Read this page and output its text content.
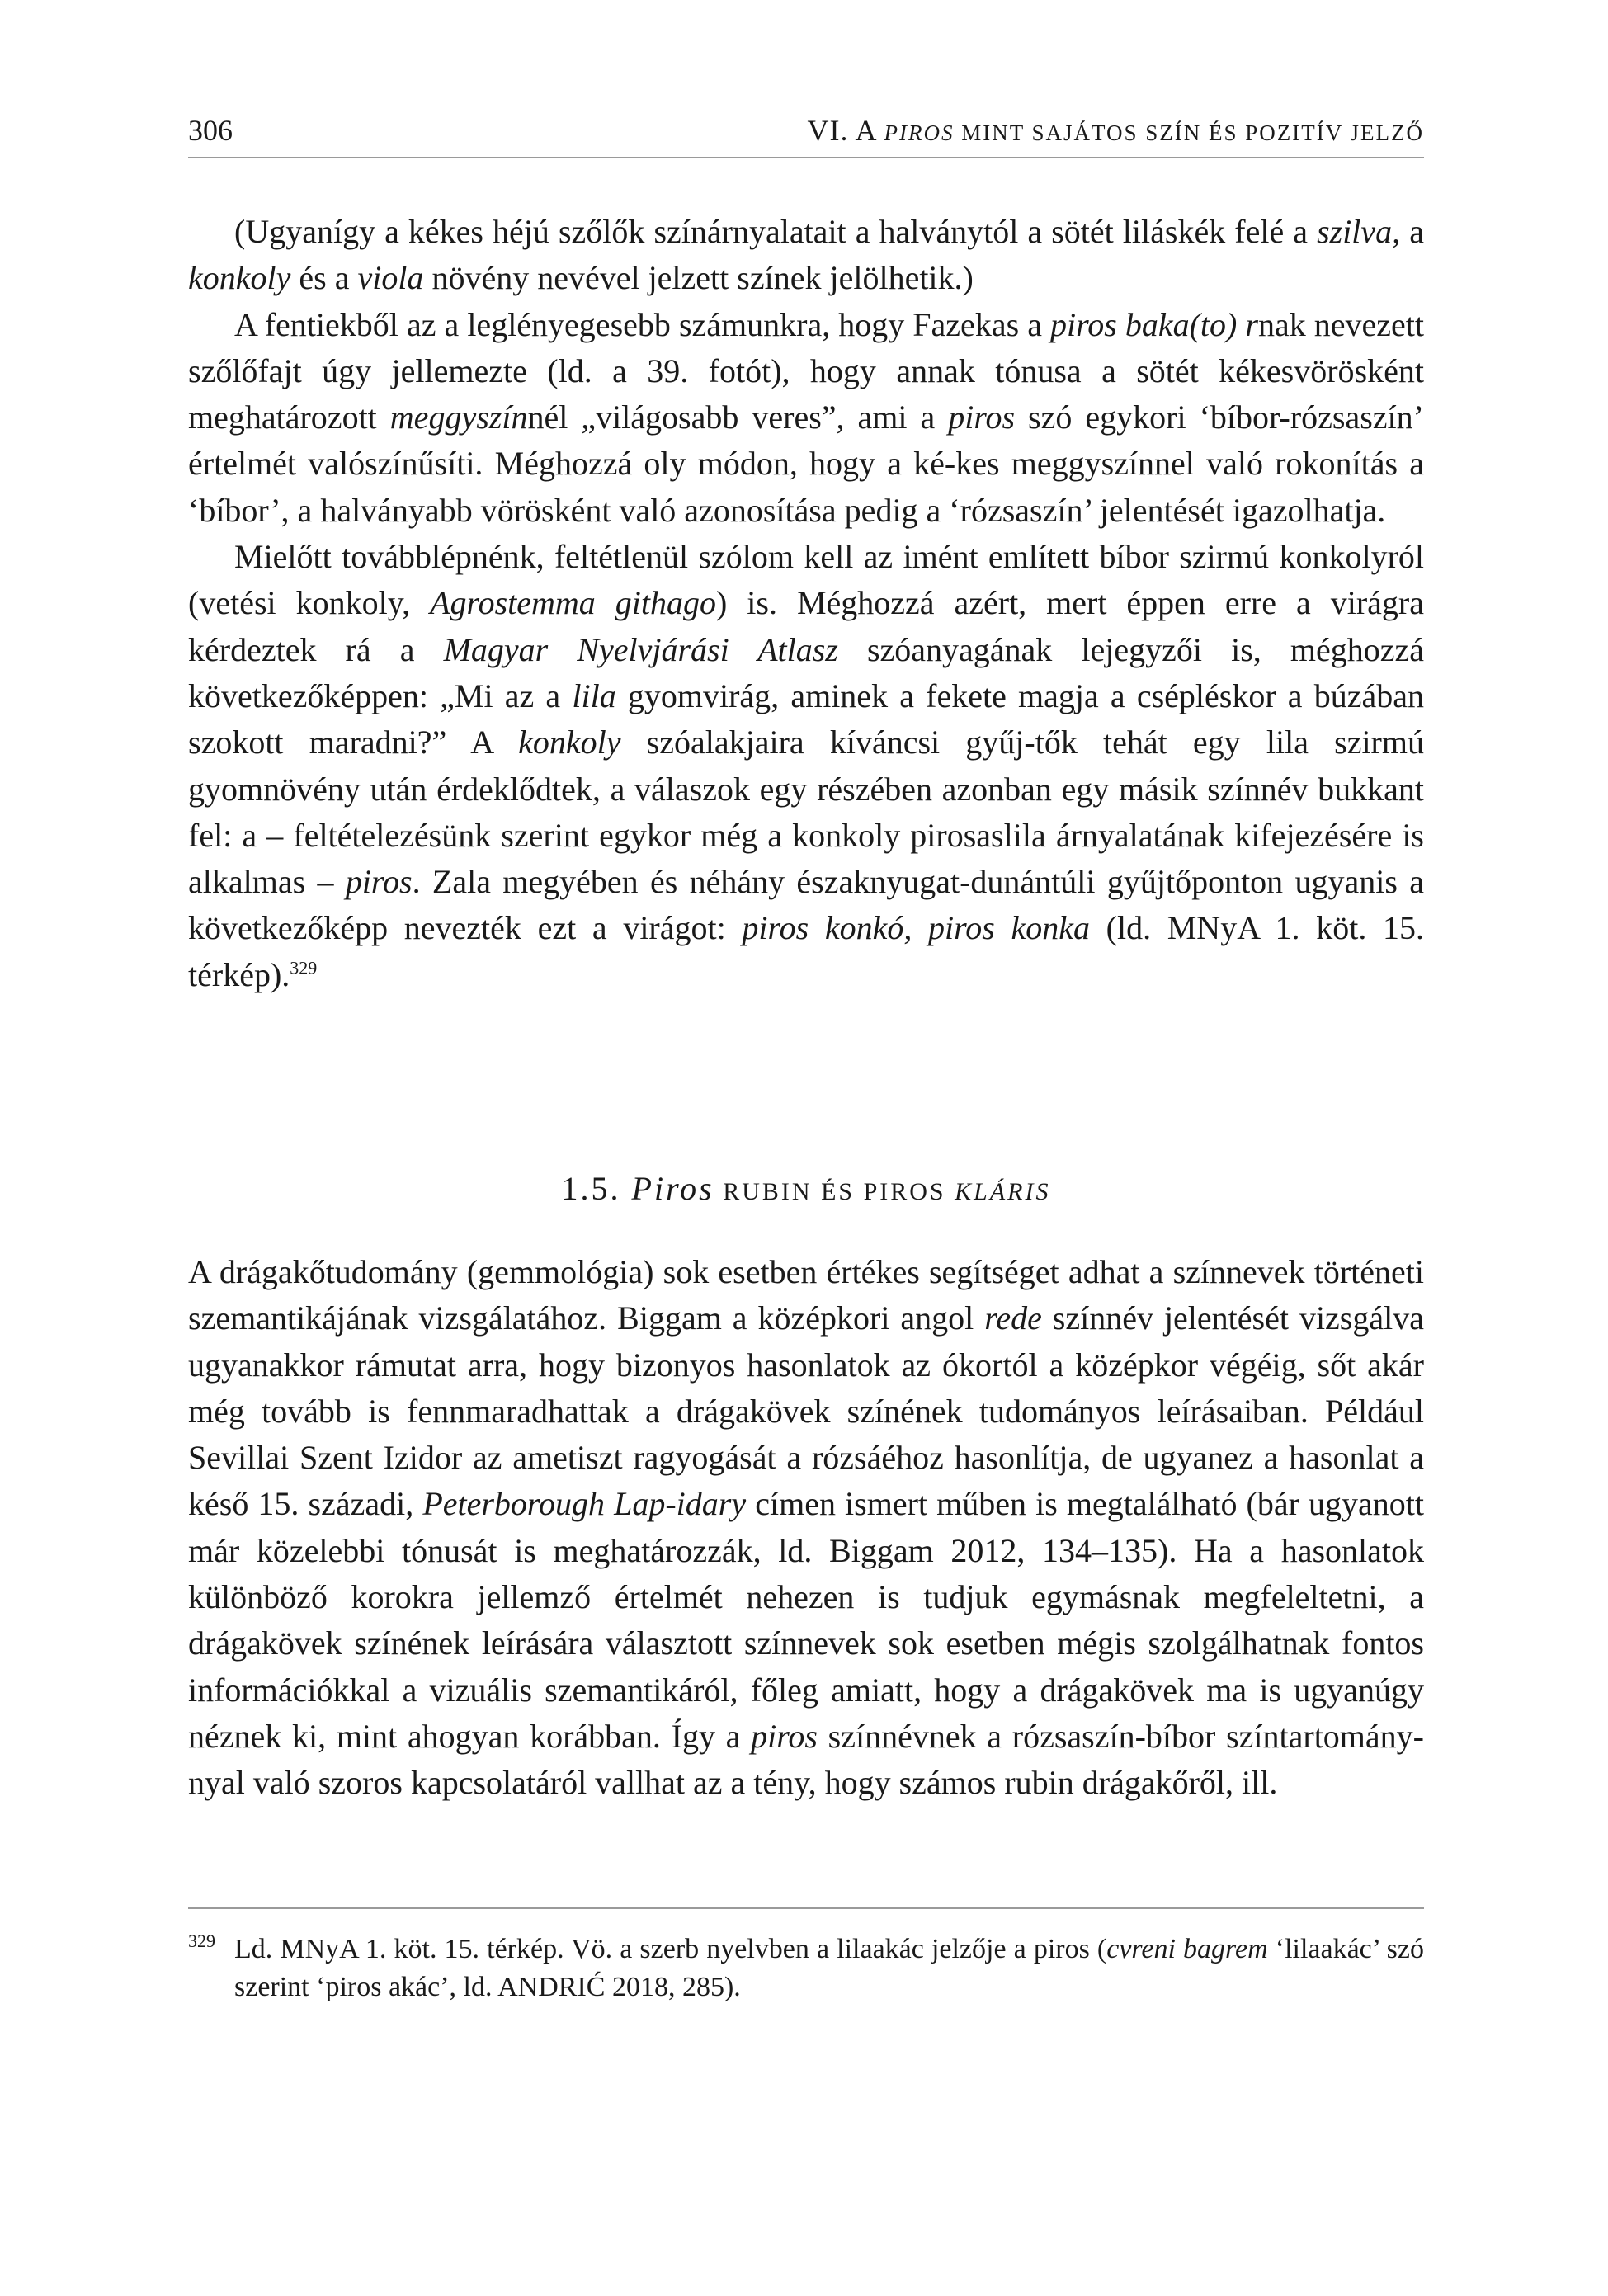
306	VI. A PIROS MINT SAJÁTOS SZÍN ÉS POZITÍV JELZŐ

(Ugyanígy a kékes héjú szőlők színárnyalatait a halványtól a sötét liláskék felé a szilva, a konkoly és a viola növény nevével jelzett színek jelölhetik.)

A fentiekből az a leglényegesebb számunkra, hogy Fazekas a piros baka(to) rnak nevezett szőlőfajt úgy jellemezte (ld. a 39. fotót), hogy annak tónusa a sötét kékesvörösként meghatározott meggyszínnél „világosabb veres”, ami a piros szó egykori ‘bíbor-rózsaszín’ értelmét valószínűsíti. Méghozzá oly módon, hogy a ké-kes meggyszínnel való rokonítás a ‘bíbor’, a halványabb vörösként való azonosítása pedig a ‘rózsaszín’ jelentését igazolhatja.

Mielőtt továbblépnénk, feltétlenül szólom kell az imént említett bíbor szirmú konkolyról (vetési konkoly, Agrostemma githago) is. Méghozzá azért, mert éppen erre a virágra kérdeztek rá a Magyar Nyelvjárási Atlasz szóanyagának lejegyzői is, méghozzá következőképpen: „Mi az a lila gyomvirág, aminek a fekete magja a csépléskor a búzában szokott maradni?” A konkoly szóalakjaira kíváncsi gyűj-tők tehát egy lila szirmú gyomnövény után érdeklődtek, a válaszok egy részében azonban egy másik színnév bukkant fel: a – feltételezésünk szerint egykor még a konkoly pirosaslila árnyalatának kifejezésére is alkalmas – piros. Zala megyében és néhány északnyugat-dunántúli gyűjtőponton ugyanis a következőképp nevezték ezt a virágot: piros konkó, piros konka (ld. MNyA 1. köt. 15. térkép).$^{329}$

1.5. Piros RUBIN ÉS PIROS KLÁRIS

A drágakőtudomány (gemmológia) sok esetben értékes segítséget adhat a színnevek történeti szemantikájának vizsgálatához. Biggam a középkori angol rede színnév jelentését vizsgálva ugyanakkor rámutat arra, hogy bizonyos hasonlatok az ókortól a középkor végéig, sőt akár még tovább is fennmaradhattak a drágakövek színének tudományos leírásaiban. Például Sevillai Szent Izidor az ametiszt ragyogását a rózsáéhoz hasonlítja, de ugyanez a hasonlat a késő 15. századi, Peterborough Lap-idary címen ismert műben is megtalálható (bár ugyanott már közelebbi tónusát is meghatározzák, ld. Biggam 2012, 134–135). Ha a hasonlatok különböző korokra jellemző értelmét nehezen is tudjuk egymásnak megfeleltetni, a drágakövek színének leírására választott színnevek sok esetben mégis szolgálhatnak fontos információkkal a vizuális szemantikáról, főleg amiatt, hogy a drágakövek ma is ugyanúgy néznek ki, mint ahogyan korábban. Így a piros színnévnek a rózsaszín-bíbor színtartomány-nyal való szoros kapcsolatáról vallhat az a tény, hogy számos rubin drágakőről, ill.

329 Ld. MNyA 1. köt. 15. térkép. Vö. a szerb nyelvben a lilaakác jelzője a piros (cvreni bagrem ‘lilaakác’ szó szerint ‘piros akác’, ld. ANDRIĆ 2018, 285).
